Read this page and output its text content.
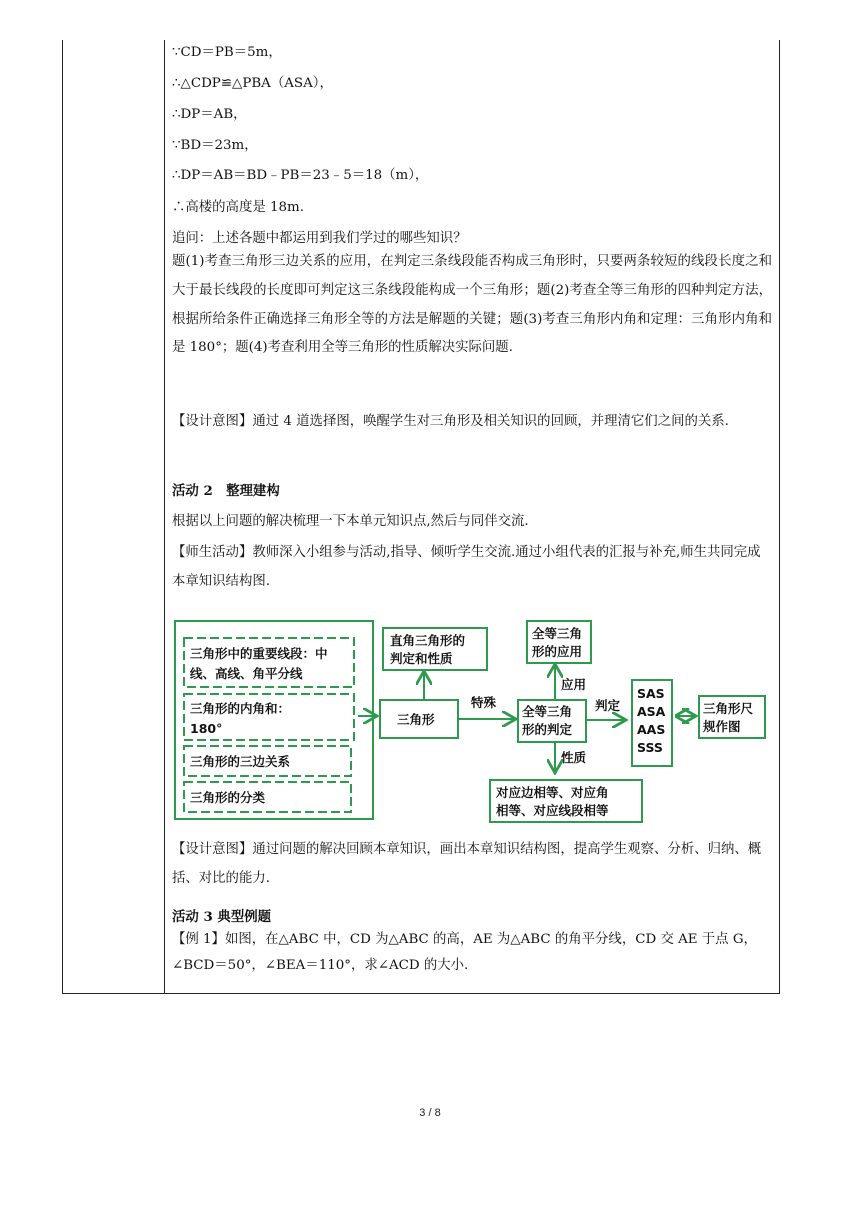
∵CD＝PB＝5m，
∴△CDP≌△PBA（ASA），
∴DP＝AB，
∵BD＝23m，
∴DP＝AB＝BD﹣PB＝23﹣5＝18（m），
∴高楼的高度是 18m.
追问：上述各题中都运用到我们学过的哪些知识？
题(1)考查三角形三边关系的应用，在判定三条线段能否构成三角形时，只要两条较短的线段长度之和大于最长线段的长度即可判定这三条线段能构成一个三角形；题(2)考查全等三角形的四种判定方法，根据所给条件正确选择三角形全等的方法是解题的关键；题(3)考查三角形内角和定理：三角形内角和是 180°；题(4)考查利用全等三角形的性质解决实际问题.
【设计意图】通过 4 道选择图，唤醒学生对三角形及相关知识的回顾，并理清它们之间的关系.
活动 2　整理建构
根据以上问题的解决梳理一下本单元知识点,然后与同伴交流.
【师生活动】教师深入小组参与活动,指导、倾听学生交流.通过小组代表的汇报与补充,师生共同完成本章知识结构图.
【设计意图】通过问题的解决回顾本章知识，画出本章知识结构图，提高学生观察、分析、归纳、概括、对比的能力.
活动 3 典型例题
【例 1】如图，在△ABC 中，CD 为△ABC 的高，AE 为△ABC 的角平分线，CD 交 AE 于点 G，∠BCD＝50°，∠BEA＝110°，求∠ACD 的大小.
三角形中的重要线段：中
线、高线、角平分线
三角形的内角和：
180°
三角形的三边关系
三角形的分类
直角三角形的
判定和性质
三角形
特殊
全等三角
形的应用
全等三角
形的判定
应用
判定
性质
SAS
ASA
AAS
SSS
三角形尺
规作图
对应边相等、对应角
相等、对应线段相等
3 / 8
